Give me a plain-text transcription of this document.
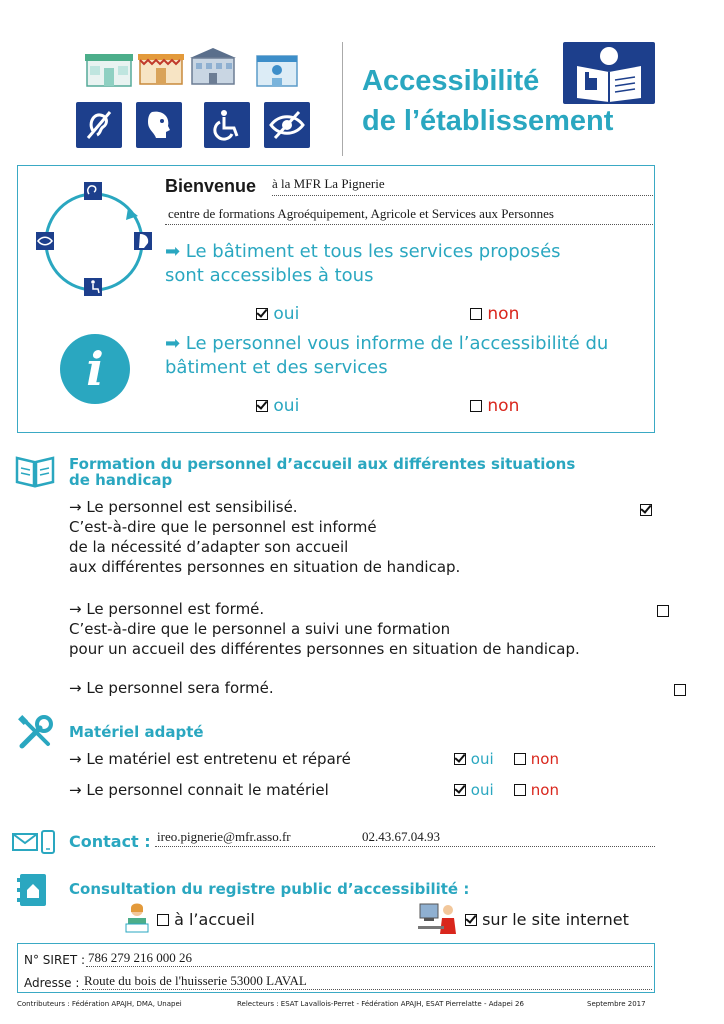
Accessibilité
de l’établissement
Bienvenue à la MFR La Pignerie
centre de formations Agroéquipement, Agricole et Services aux Personnes
➡ Le bâtiment et tous les services proposés
sont accessibles à tous
oui	non
i	➡ Le personnel vous informe de l’accessibilité du
bâtiment et des services
oui	non
Formation du personnel d’accueil aux différentes situations
de handicap
→ Le personnel est sensibilisé.
C’est-à-dire que le personnel est informé
de la nécessité d’adapter son accueil
aux différentes personnes en situation de handicap.

→ Le personnel est formé.
C’est-à-dire que le personnel a suivi une formation
pour un accueil des différentes personnes en situation de handicap.

→ Le personnel sera formé.
Matériel adapté
→ Le matériel est entretenu et réparé	oui	non
→ Le personnel connait le matériel	oui	non
Contact : ireo.pignerie@mfr.asso.fr	02.43.67.04.93
Consultation du registre public d’accessibilité :
à l’accueil	sur le site internet
N° SIRET : 786 279 216 000 26
Adresse : Route du bois de l'huisserie 53000 LAVAL
Contributeurs : Fédération APAJH, DMA, Unapei	Relecteurs : ESAT Lavallois-Perret - Fédération APAJH, ESAT Pierrelatte - Adapei 26	Septembre 2017
